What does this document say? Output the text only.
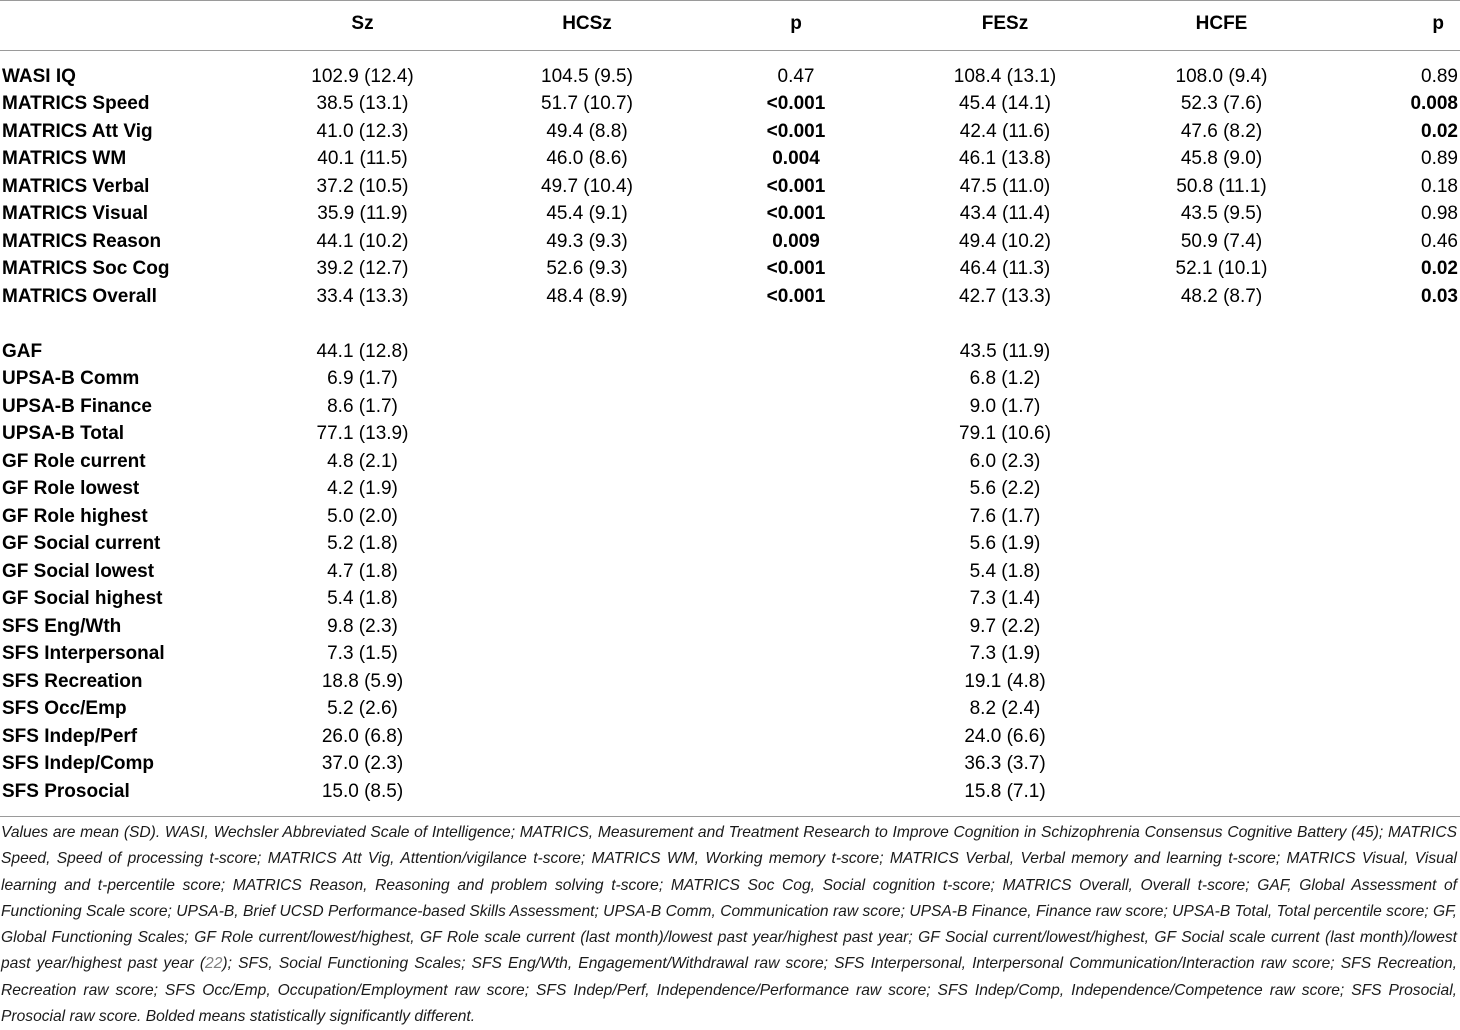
	Sz	HCSz	p	FESz	HCFE	p
WASI IQ	102.9 (12.4)	104.5 (9.5)	0.47	108.4 (13.1)	108.0 (9.4)	0.89
MATRICS Speed	38.5 (13.1)	51.7 (10.7)	<0.001	45.4 (14.1)	52.3 (7.6)	0.008
MATRICS Att Vig	41.0 (12.3)	49.4 (8.8)	<0.001	42.4 (11.6)	47.6 (8.2)	0.02
MATRICS WM	40.1 (11.5)	46.0 (8.6)	0.004	46.1 (13.8)	45.8 (9.0)	0.89
MATRICS Verbal	37.2 (10.5)	49.7 (10.4)	<0.001	47.5 (11.0)	50.8 (11.1)	0.18
MATRICS Visual	35.9 (11.9)	45.4 (9.1)	<0.001	43.4 (11.4)	43.5 (9.5)	0.98
MATRICS Reason	44.1 (10.2)	49.3 (9.3)	0.009	49.4 (10.2)	50.9 (7.4)	0.46
MATRICS Soc Cog	39.2 (12.7)	52.6 (9.3)	<0.001	46.4 (11.3)	52.1 (10.1)	0.02
MATRICS Overall	33.4 (13.3)	48.4 (8.9)	<0.001	42.7 (13.3)	48.2 (8.7)	0.03

GAF	44.1 (12.8)			43.5 (11.9)		
UPSA-B Comm	6.9 (1.7)			6.8 (1.2)		
UPSA-B Finance	8.6 (1.7)			9.0 (1.7)		
UPSA-B Total	77.1 (13.9)			79.1 (10.6)		
GF Role current	4.8 (2.1)			6.0 (2.3)		
GF Role lowest	4.2 (1.9)			5.6 (2.2)		
GF Role highest	5.0 (2.0)			7.6 (1.7)		
GF Social current	5.2 (1.8)			5.6 (1.9)		
GF Social lowest	4.7 (1.8)			5.4 (1.8)		
GF Social highest	5.4 (1.8)			7.3 (1.4)		
SFS Eng/Wth	9.8 (2.3)			9.7 (2.2)		
SFS Interpersonal	7.3 (1.5)			7.3 (1.9)		
SFS Recreation	18.8 (5.9)			19.1 (4.8)		
SFS Occ/Emp	5.2 (2.6)			8.2 (2.4)		
SFS Indep/Perf	26.0 (6.8)			24.0 (6.6)		
SFS Indep/Comp	37.0 (2.3)			36.3 (3.7)		
SFS Prosocial	15.0 (8.5)			15.8 (7.1)		
Values are mean (SD). WASI, Wechsler Abbreviated Scale of Intelligence; MATRICS, Measurement and Treatment Research to Improve Cognition in Schizophrenia Consensus Cognitive Battery (45); MATRICS Speed, Speed of processing t-score; MATRICS Att Vig, Attention/vigilance t-score; MATRICS WM, Working memory t-score; MATRICS Verbal, Verbal memory and learning t-score; MATRICS Visual, Visual learning and t-percentile score; MATRICS Reason, Reasoning and problem solving t-score; MATRICS Soc Cog, Social cognition t-score; MATRICS Overall, Overall t-score; GAF, Global Assessment of Functioning Scale score; UPSA-B, Brief UCSD Performance-based Skills Assessment; UPSA-B Comm, Communication raw score; UPSA-B Finance, Finance raw score; UPSA-B Total, Total percentile score; GF, Global Functioning Scales; GF Role current/lowest/highest, GF Role scale current (last month)/lowest past year/highest past year; GF Social current/lowest/highest, GF Social scale current (last month)/lowest past year/highest past year (22); SFS, Social Functioning Scales; SFS Eng/Wth, Engagement/Withdrawal raw score; SFS Interpersonal, Interpersonal Communication/Interaction raw score; SFS Recreation, Recreation raw score; SFS Occ/Emp, Occupation/Employment raw score; SFS Indep/Perf, Independence/Performance raw score; SFS Indep/Comp, Independence/Competence raw score; SFS Prosocial, Prosocial raw score. Bolded means statistically significantly different.
